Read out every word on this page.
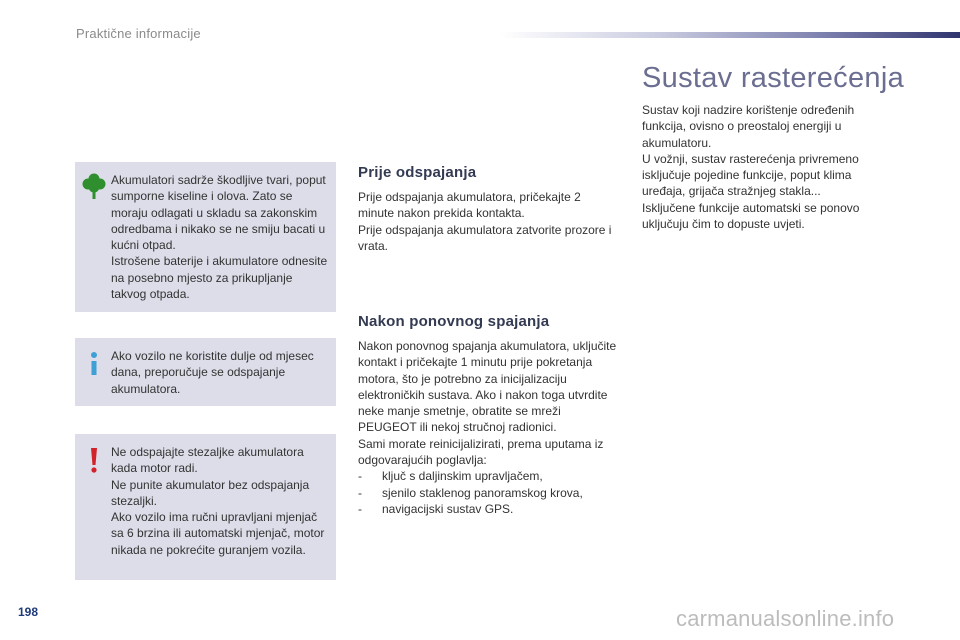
Praktične informacije

Akumulatori sadrže škodljive tvari, poput sumporne kiseline i olova. Zato se moraju odlagati u skladu sa zakonskim odredbama i nikako se ne smiju bacati u kućni otpad.

Istrošene baterije i akumulatore odnesite na posebno mjesto za prikupljanje takvog otpada.

Ako vozilo ne koristite dulje od mjesec dana, preporučuje se odspajanje akumulatora.

Ne odspajajte stezaljke akumulatora kada motor radi.

Ne punite akumulator bez odspajanja stezaljki.

Ako vozilo ima ručni upravljani mjenjač sa 6 brzina ili automatski mjenjač, motor nikada ne pokrećite guranjem vozila.

Prije odspajanja

Prije odspajanja akumulatora, pričekajte 2 minute nakon prekida kontakta.

Prije odspajanja akumulatora zatvorite prozore i vrata.

Nakon ponovnog spajanja

Nakon ponovnog spajanja akumulatora, uključite kontakt i pričekajte 1 minutu prije pokretanja motora, što je potrebno za inicijalizaciju elektroničkih sustava. Ako i nakon toga utvrdite neke manje smetnje, obratite se mreži PEUGEOT ili nekoj stručnoj radionici.

Sami morate reinicijalizirati, prema uputama iz odgovarajućih poglavlja:

- ključ s daljinskim upravljačem,
- sjenilo staklenog panoramskog krova,
- navigacijski sustav GPS.
Sustav rasterećenja

Sustav koji nadzire korištenje određenih funkcija, ovisno o preostaloj energiji u akumulatoru.

U vožnji, sustav rasterećenja privremeno isključuje pojedine funkcije, poput klima uređaja, grijača stražnjeg stakla...

Isključene funkcije automatski se ponovo uključuju čim to dopuste uvjeti.

198	carmanualsonline.info
